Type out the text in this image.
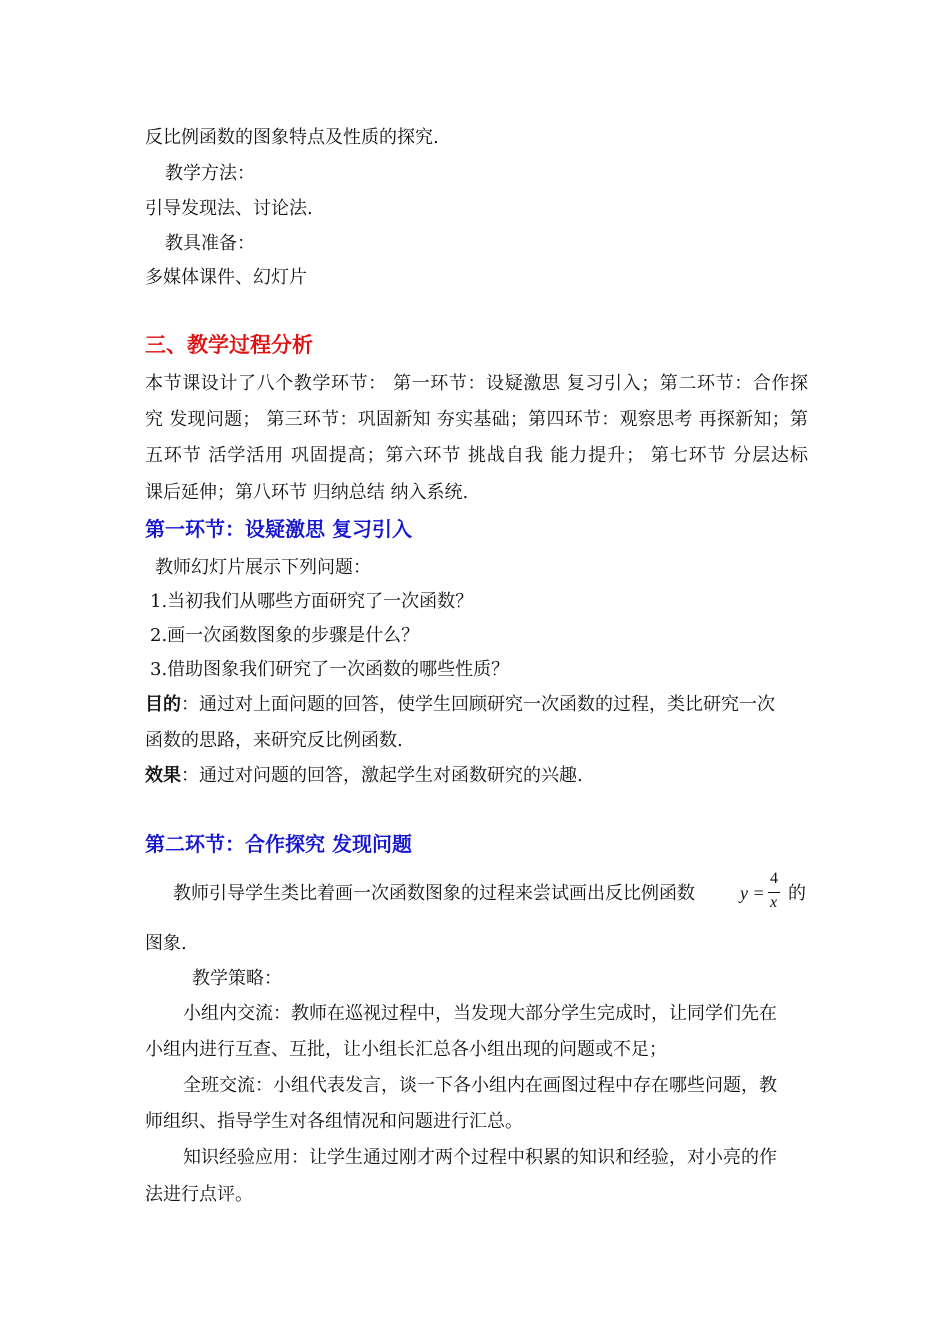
反比例函数的图象特点及性质的探究.
教学方法：
引导发现法、讨论法.
教具准备：
多媒体课件、幻灯片
三、教学过程分析
本节课设计了八个教学环节： 第一环节：设疑激思 复习引入；第二环节：合作探
究 发现问题； 第三环节：巩固新知 夯实基础；第四环节：观察思考 再探新知；第
五环节 活学活用 巩固提高；第六环节 挑战自我 能力提升； 第七环节 分层达标
课后延伸；第八环节 归纳总结 纳入系统.
第一环节：设疑激思 复习引入
教师幻灯片展示下列问题：
1.当初我们从哪些方面研究了一次函数？
2.画一次函数图象的步骤是什么？
3.借助图象我们研究了一次函数的哪些性质？
目的：通过对上面问题的回答，使学生回顾研究一次函数的过程，类比研究一次
函数的思路，来研究反比例函数.
效果：通过对问题的回答，激起学生对函数研究的兴趣.
第二环节：合作探究 发现问题
教师引导学生类比着画一次函数图象的过程来尝试画出反比例函数	y =
4
x 的
图象.
教学策略：
小组内交流：教师在巡视过程中，当发现大部分学生完成时，让同学们先在
小组内进行互查、互批，让小组长汇总各小组出现的问题或不足；
全班交流：小组代表发言，谈一下各小组内在画图过程中存在哪些问题，教
师组织、指导学生对各组情况和问题进行汇总。
知识经验应用：让学生通过刚才两个过程中积累的知识和经验，对小亮的作
法进行点评。
